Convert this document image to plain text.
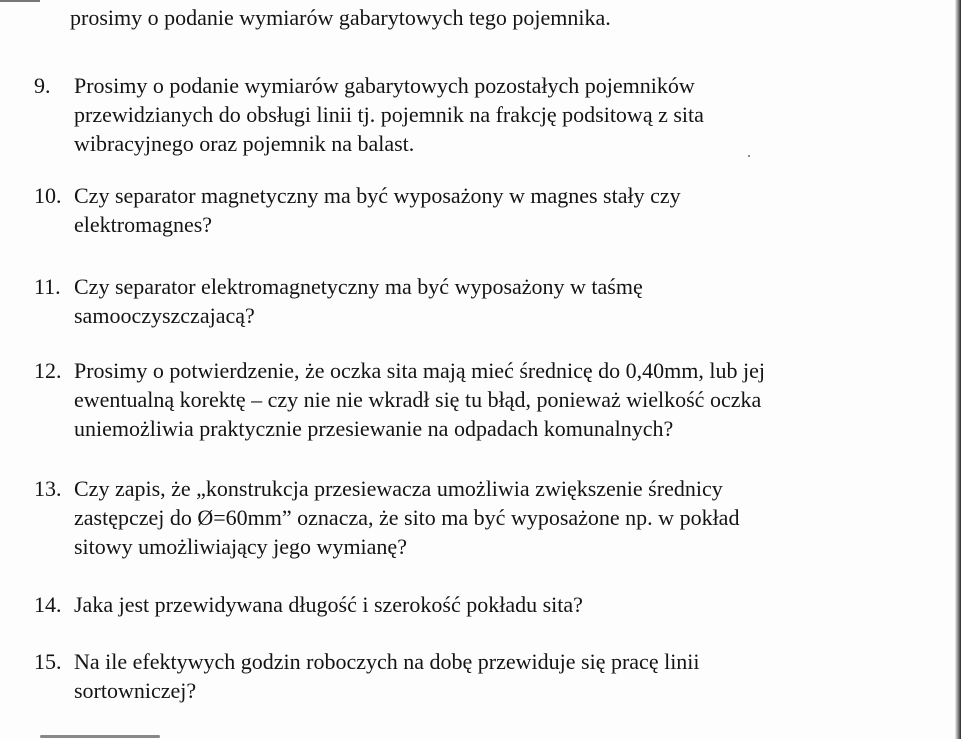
prosimy o podanie wymiarów gabarytowych tego pojemnika.

9. Prosimy o podanie wymiarów gabarytowych pozostałych pojemników
przewidzianych do obsługi linii tj. pojemnik na frakcję podsitową z sita
wibracyjnego oraz pojemnik na balast.
10. Czy separator magnetyczny ma być wyposażony w magnes stały czy
elektromagnes?
11. Czy separator elektromagnetyczny ma być wyposażony w taśmę
samooczyszczajacą?
12. Prosimy o potwierdzenie, że oczka sita mają mieć średnicę do 0,40mm, lub jej
ewentualną korektę – czy nie nie wkradł się tu błąd, ponieważ wielkość oczka
uniemożliwia praktycznie przesiewanie na odpadach komunalnych?
13. Czy zapis, że „konstrukcja przesiewacza umożliwia zwiększenie średnicy
zastępczej do Ø=60mm” oznacza, że sito ma być wyposażone np. w pokład
sitowy umożliwiający jego wymianę?
14. Jaka jest przewidywana długość i szerokość pokładu sita?
15. Na ile efektywych godzin roboczych na dobę przewiduje się pracę linii
sortowniczej?
